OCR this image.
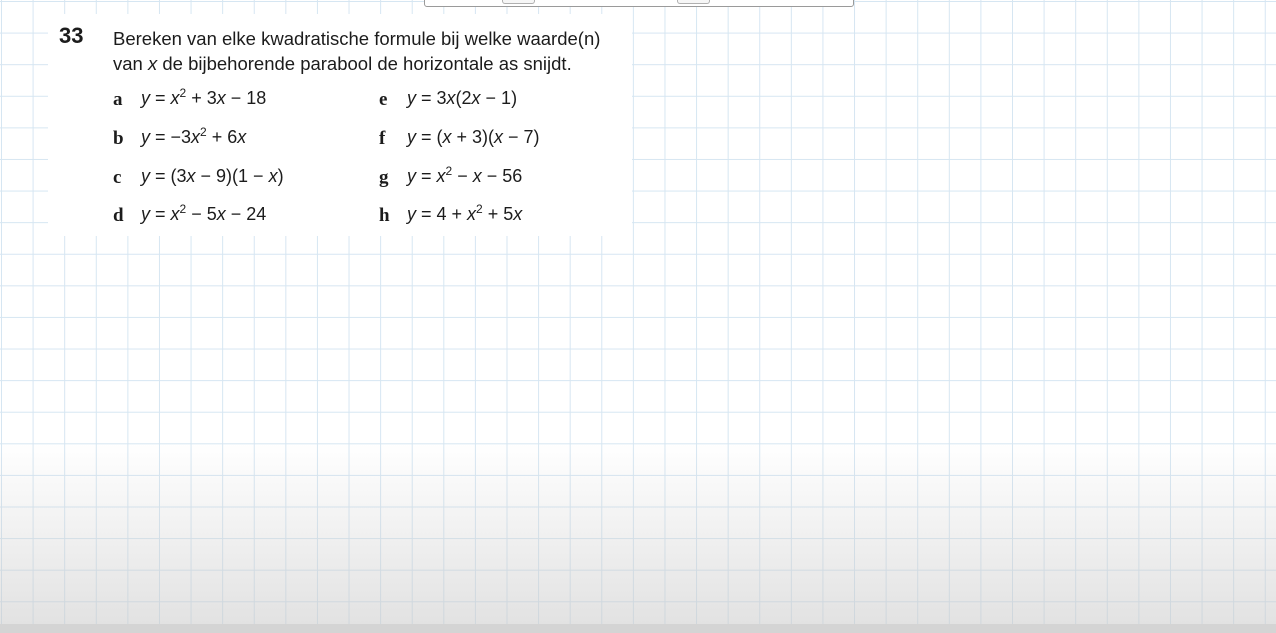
33 Bereken van elke kwadratische formule bij welke waarde(n)
van x de bijbehorende parabool de horizontale as snijdt.
a $y = x^2 + 3x - 18$
b $y = -3x^2 + 6x$
c y = (3x − 9)(1 − x)
d $y = x^2 - 5x - 24$
e y = 3x(2x − 1)
f y = (x + 3)(x − 7)
g $y = x^2 - x - 56$
h $y = 4 + x^2 + 5x$
